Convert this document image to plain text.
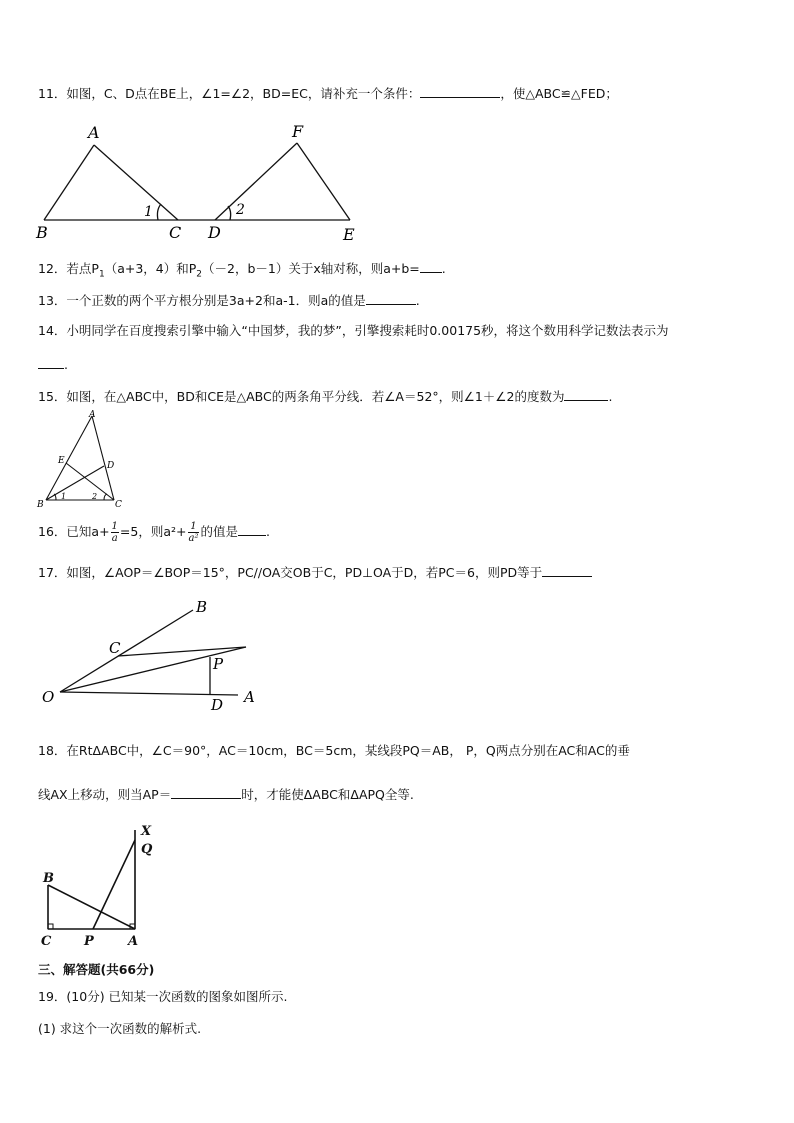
11．如图，C、D点在BE上，∠1=∠2，BD=EC，请补充一个条件：	，使△ABC≌△FED；
A	F
B	C D	E
1	2
12．若点$P_1(a+3$，4）和$P_2(-2$，b－1）关于x轴对称，则a+b= .
13．一个正数的两个平方根分别是3a+2和a-1．则a的值是	.
14．小明同学在百度搜索引擎中输入“中国梦，我的梦”，引擎搜索耗时0.00175秒，将这个数用科学记数法表示为
.
15．如图，在△ABC中，BD和CE是△ABC的两条角平分线．若∠A＝52°，则∠1＋∠2的度数为	.
A
E	D
B	C
1	2
16．已知$a+ \frac{1}{a} =5$，则$a^2+ \frac{1}{\text{a²}}$ 的值是 .
17．如图，∠AOP＝∠BOP＝15°，PC//OA交OB于C，PD⊥OA于D，若PC＝6，则PD等于
B
C
P
O	D A
18．在RtΔABC中，∠C＝90°，AC＝10cm，BC＝5cm，某线段PQ＝AB， P，Q两点分别在AC和AC的垂
线AX上移动，则当AP＝	时，才能使ΔABC和ΔAPQ全等.
X
Q
B
C	P	A
三、解答题(共66分)
19．(10分) 已知某一次函数的图象如图所示.
(1) 求这个一次函数的解析式.
